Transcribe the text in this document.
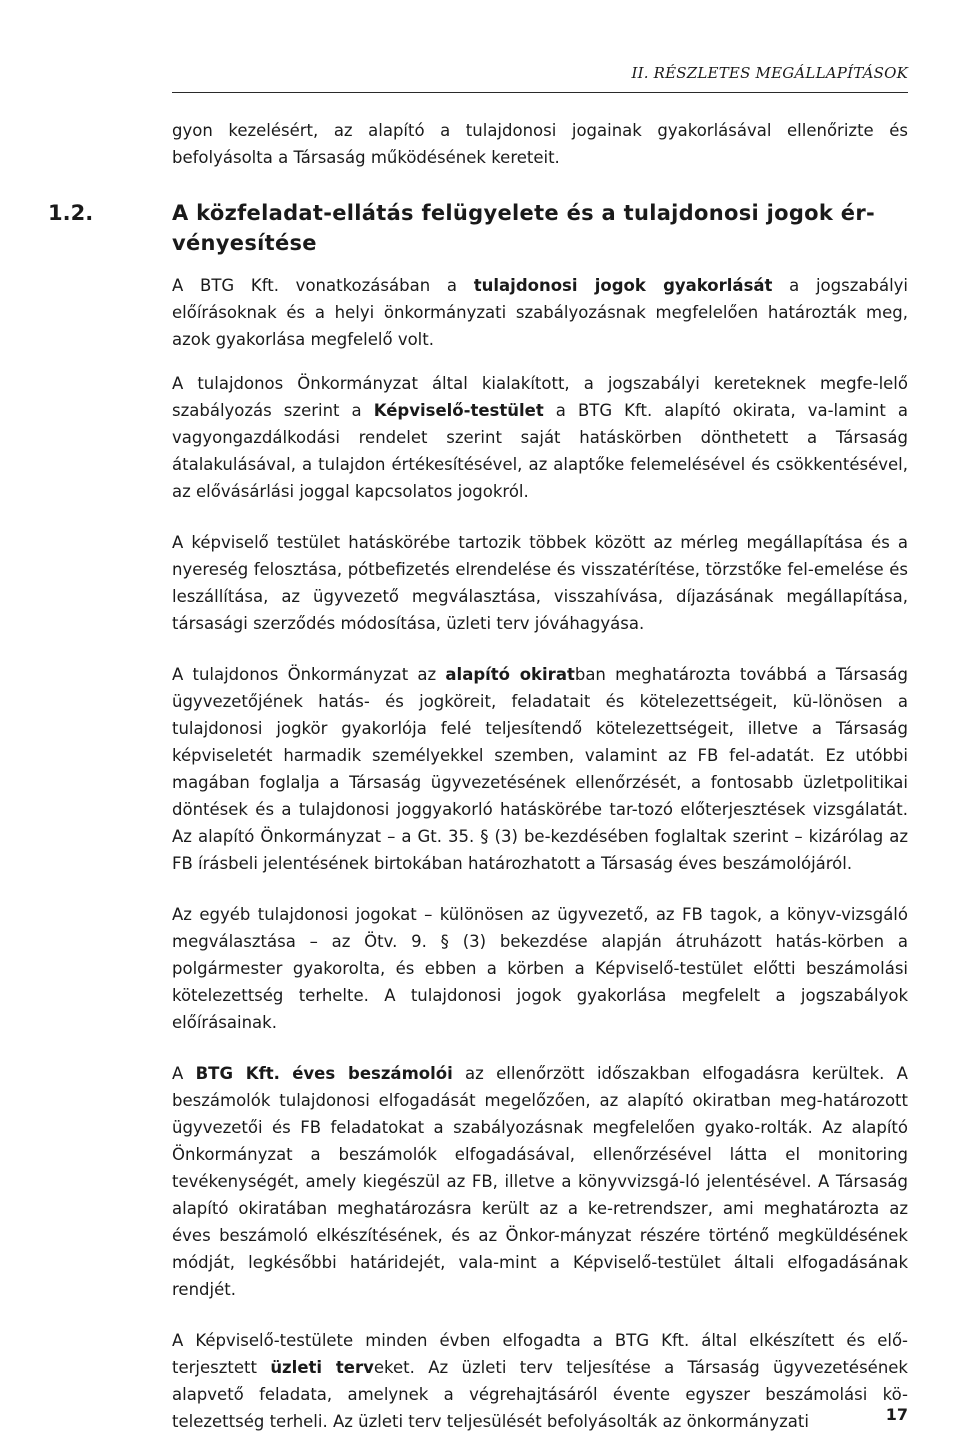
II. RÉSZLETES MEGÁLLAPÍTÁSOK

gyon kezelésért, az alapító a tulajdonosi jogainak gyakorlásával ellenőrizte és befolyásolta a Társaság működésének kereteit.

1.2.	A közfeladat-ellátás felügyelete és a tulajdonosi jogok ér-vényesítése

A BTG Kft. vonatkozásában a tulajdonosi jogok gyakorlását a jogszabályi előírásoknak és a helyi önkormányzati szabályozásnak megfelelően határozták meg, azok gyakorlása megfelelő volt.

A tulajdonos Önkormányzat által kialakított, a jogszabályi kereteknek megfe-lelő szabályozás szerint a Képviselő-testület a BTG Kft. alapító okirata, va-lamint a vagyongazdálkodási rendelet szerint saját hatáskörben dönthetett a Társaság átalakulásával, a tulajdon értékesítésével, az alaptőke felemelésével és csökkentésével, az elővásárlási joggal kapcsolatos jogokról.

A képviselő testület hatáskörébe tartozik többek között az mérleg megállapítása és a nyereség felosztása, pótbefizetés elrendelése és visszatérítése, törzstőke fel-emelése és leszállítása, az ügyvezető megválasztása, visszahívása, díjazásának megállapítása, társasági szerződés módosítása, üzleti terv jóváhagyása.

A tulajdonos Önkormányzat az alapító okiratban meghatározta továbbá a Társaság ügyvezetőjének hatás- és jogköreit, feladatait és kötelezettségeit, kü-lönösen a tulajdonosi jogkör gyakorlója felé teljesítendő kötelezettségeit, illetve a Társaság képviseletét harmadik személyekkel szemben, valamint az FB fel-adatát. Ez utóbbi magában foglalja a Társaság ügyvezetésének ellenőrzését, a fontosabb üzletpolitikai döntések és a tulajdonosi joggyakorló hatáskörébe tar-tozó előterjesztések vizsgálatát. Az alapító Önkormányzat – a Gt. 35. § (3) be-kezdésében foglaltak szerint – kizárólag az FB írásbeli jelentésének birtokában határozhatott a Társaság éves beszámolójáról.

Az egyéb tulajdonosi jogokat – különösen az ügyvezető, az FB tagok, a könyv-vizsgáló megválasztása – az Ötv. 9. § (3) bekezdése alapján átruházott hatás-körben a polgármester gyakorolta, és ebben a körben a Képviselő-testület előtti beszámolási kötelezettség terhelte. A tulajdonosi jogok gyakorlása megfelelt a jogszabályok előírásainak.

A BTG Kft. éves beszámolói az ellenőrzött időszakban elfogadásra kerültek. A beszámolók tulajdonosi elfogadását megelőzően, az alapító okiratban meg-határozott ügyvezetői és FB feladatokat a szabályozásnak megfelelően gyako-rolták. Az alapító Önkormányzat a beszámolók elfogadásával, ellenőrzésével látta el monitoring tevékenységét, amely kiegészül az FB, illetve a könyvvizsgá-ló jelentésével. A Társaság alapító okiratában meghatározásra került az a ke-retrendszer, ami meghatározta az éves beszámoló elkészítésének, és az Önkor-mányzat részére történő megküldésének módját, legkésőbbi határidejét, vala-mint a Képviselő-testület általi elfogadásának rendjét.

A Képviselő-testülete minden évben elfogadta a BTG Kft. által elkészített és elő-terjesztett üzleti terveket. Az üzleti terv teljesítése a Társaság ügyvezetésének alapvető feladata, amelynek a végrehajtásáról évente egyszer beszámolási kö-telezettség terheli. Az üzleti terv teljesülését befolyásolták az önkormányzati	17
